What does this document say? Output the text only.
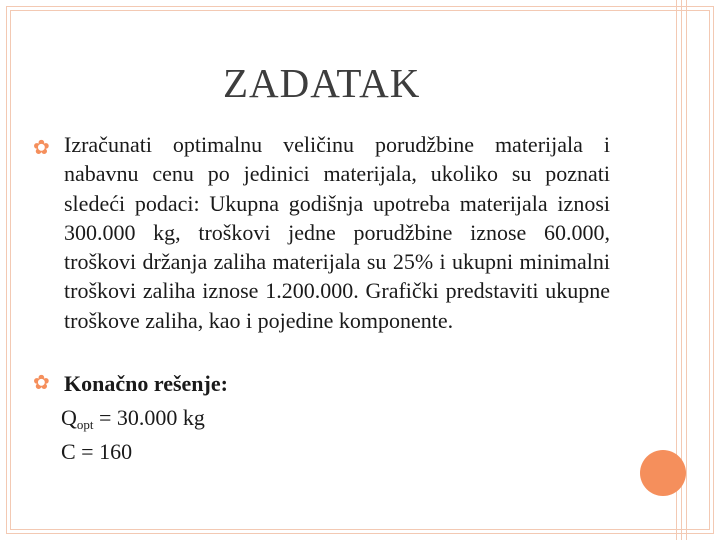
ZADATAK
✿ Izračunati optimalnu veličinu porudžbine materijala i nabavnu cenu po jedinici materijala, ukoliko su poznati sledeći podaci: Ukupna godišnja upotreba materijala iznosi 300.000 kg, troškovi jedne porudžbine iznose 60.000, troškovi držanja zaliha materijala su 25% i ukupni minimalni troškovi zaliha iznose 1.200.000. Grafički predstaviti ukupne troškove zaliha, kao i pojedine komponente.
✿ Konačno rešenje:
$Q_{opt} = 30.000$ kg
C = 160
